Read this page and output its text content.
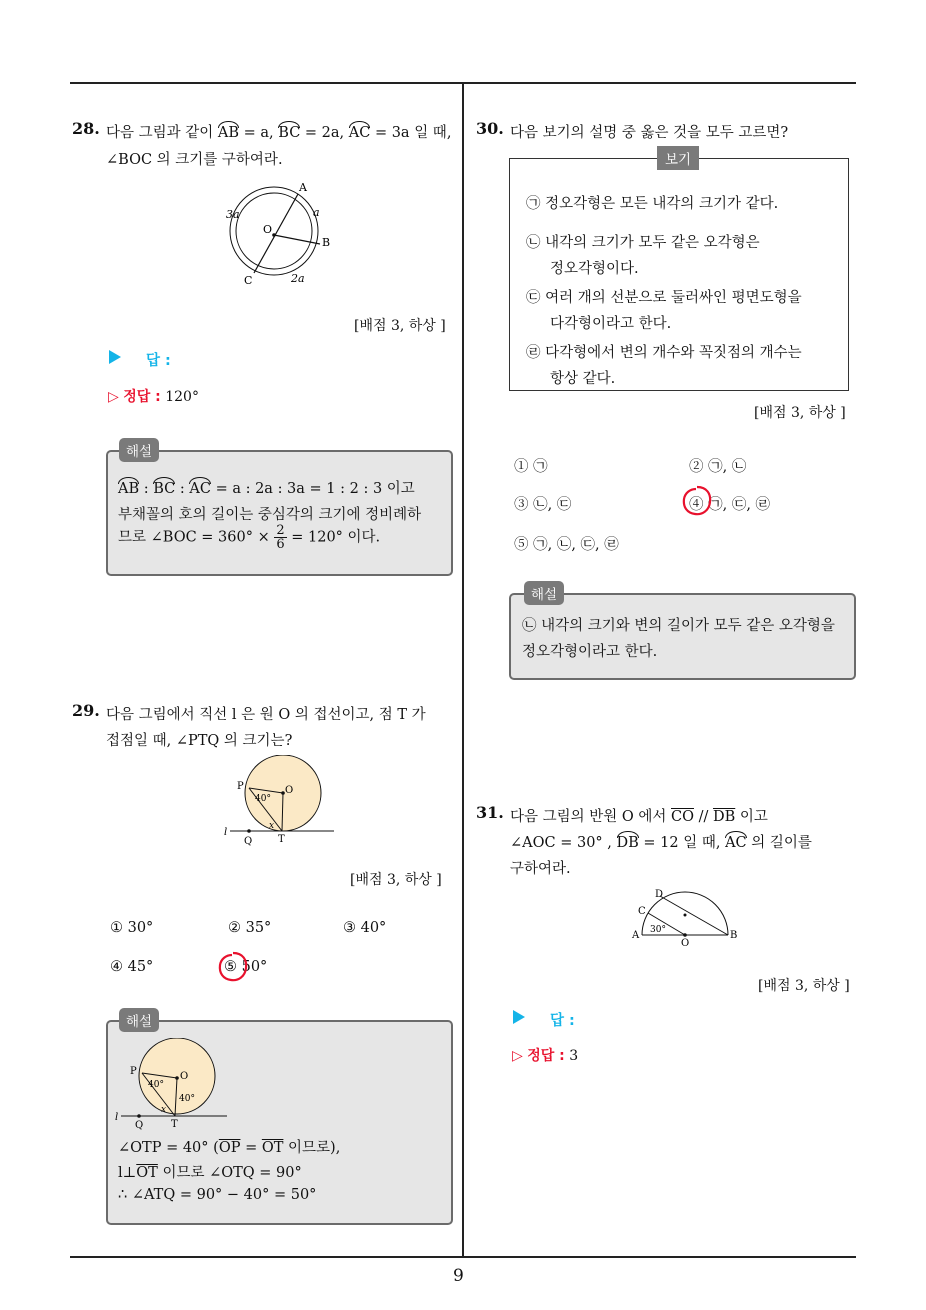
9
28. 다음 그림과 같이 AB = a, BC = 2a, AC = 3a 일 때,
∠BOC 의 크기를 구하여라.
A
B
C
O
a
2a
3a
[배점 3, 하상 ]
답 :
▷ 정답 : 120°
해설
AB : BC : AC = a : 2a : 3a = 1 : 2 : 3 이고
부채꼴의 호의 길이는 중심각의 크기에 정비례하
므로 ∠BOC = $360^\circ \times \frac{2}{6} = 120^\circ$ 이다.
29. 다음 그림에서 직선 l 은 원 O 의 접선이고, 점 T 가
접점일 때, ∠PTQ 의 크기는?
P	O
Q	T
l
40°
x
[배점 3, 하상 ]
① 30°	② 35°	③ 40°
④ 45°	⑤ 50°
해설
P	O
Q	T
l
40°
40°
x
∠OTP = 40° ($\overline{OP} = \overline{OT}$ 이므로),
$l\perp\overline{OT}$ 이므로 ∠OTQ = 90°
∴ ∠ATQ = 90° − 40° = 50°
30. 다음 보기의 설명 중 옳은 것을 모두 고르면?
보기
㉠ 정오각형은 모든 내각의 크기가 같다.
㉡ 내각의 크기가 모두 같은 오각형은
정오각형이다.
㉢ 여러 개의 선분으로 둘러싸인 평면도형을
다각형이라고 한다.
㉣ 다각형에서 변의 개수와 꼭짓점의 개수는
항상 같다.
[배점 3, 하상 ]
① ㉠	② ㉠, ㉡
③ ㉡, ㉢	④ ㉠, ㉢, ㉣
⑤ ㉠, ㉡, ㉢, ㉣
해설
㉡ 내각의 크기와 변의 길이가 모두 같은 오각형을
정오각형이라고 한다.
31. 다음 그림의 반원 O 에서 $\overline{CO} // \overline{DB}$ 이고
∠AOC = 30° , DB = 12 일 때, AC 의 길이를
구하여라.
A	B
C
D
O
30°
[배점 3, 하상 ]
답 :
▷ 정답 : 3
